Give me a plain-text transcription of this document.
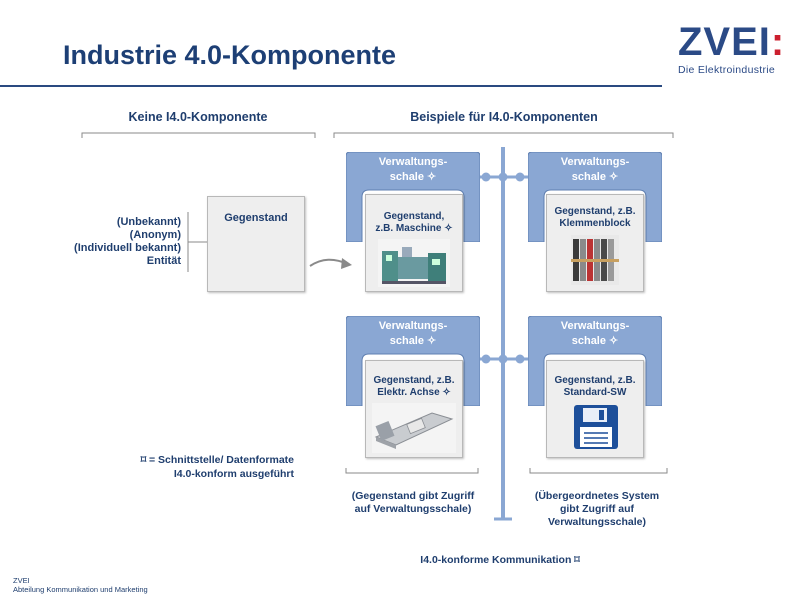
Industrie 4.0-Komponente	ZVEI:
Die Elektroindustrie
Keine I4.0-Komponente	Beispiele für I4.0-Komponenten
(Unbekannt)
(Anonym)
(Individuell bekannt)
Entität
Gegenstand
Verwaltungs-
schale ✧
Gegenstand,
z.B. Maschine ✧
Verwaltungs-
schale ✧
Gegenstand, z.B.
Klemmenblock
Verwaltungs-
schale ✧
Gegenstand, z.B.
Elektr. Achse ✧
Verwaltungs-
schale ✧
Gegenstand, z.B.
Standard-SW
(Gegenstand gibt Zugriff
auf Verwaltungsschale)
(Übergeordnetes System
gibt Zugriff auf
Verwaltungsschale)
⌑ = Schnittstelle/ Datenformate
I4.0-konform ausgeführt
I4.0-konforme Kommunikation ⌑
ZVEI
Abteilung Kommunikation und Marketing
